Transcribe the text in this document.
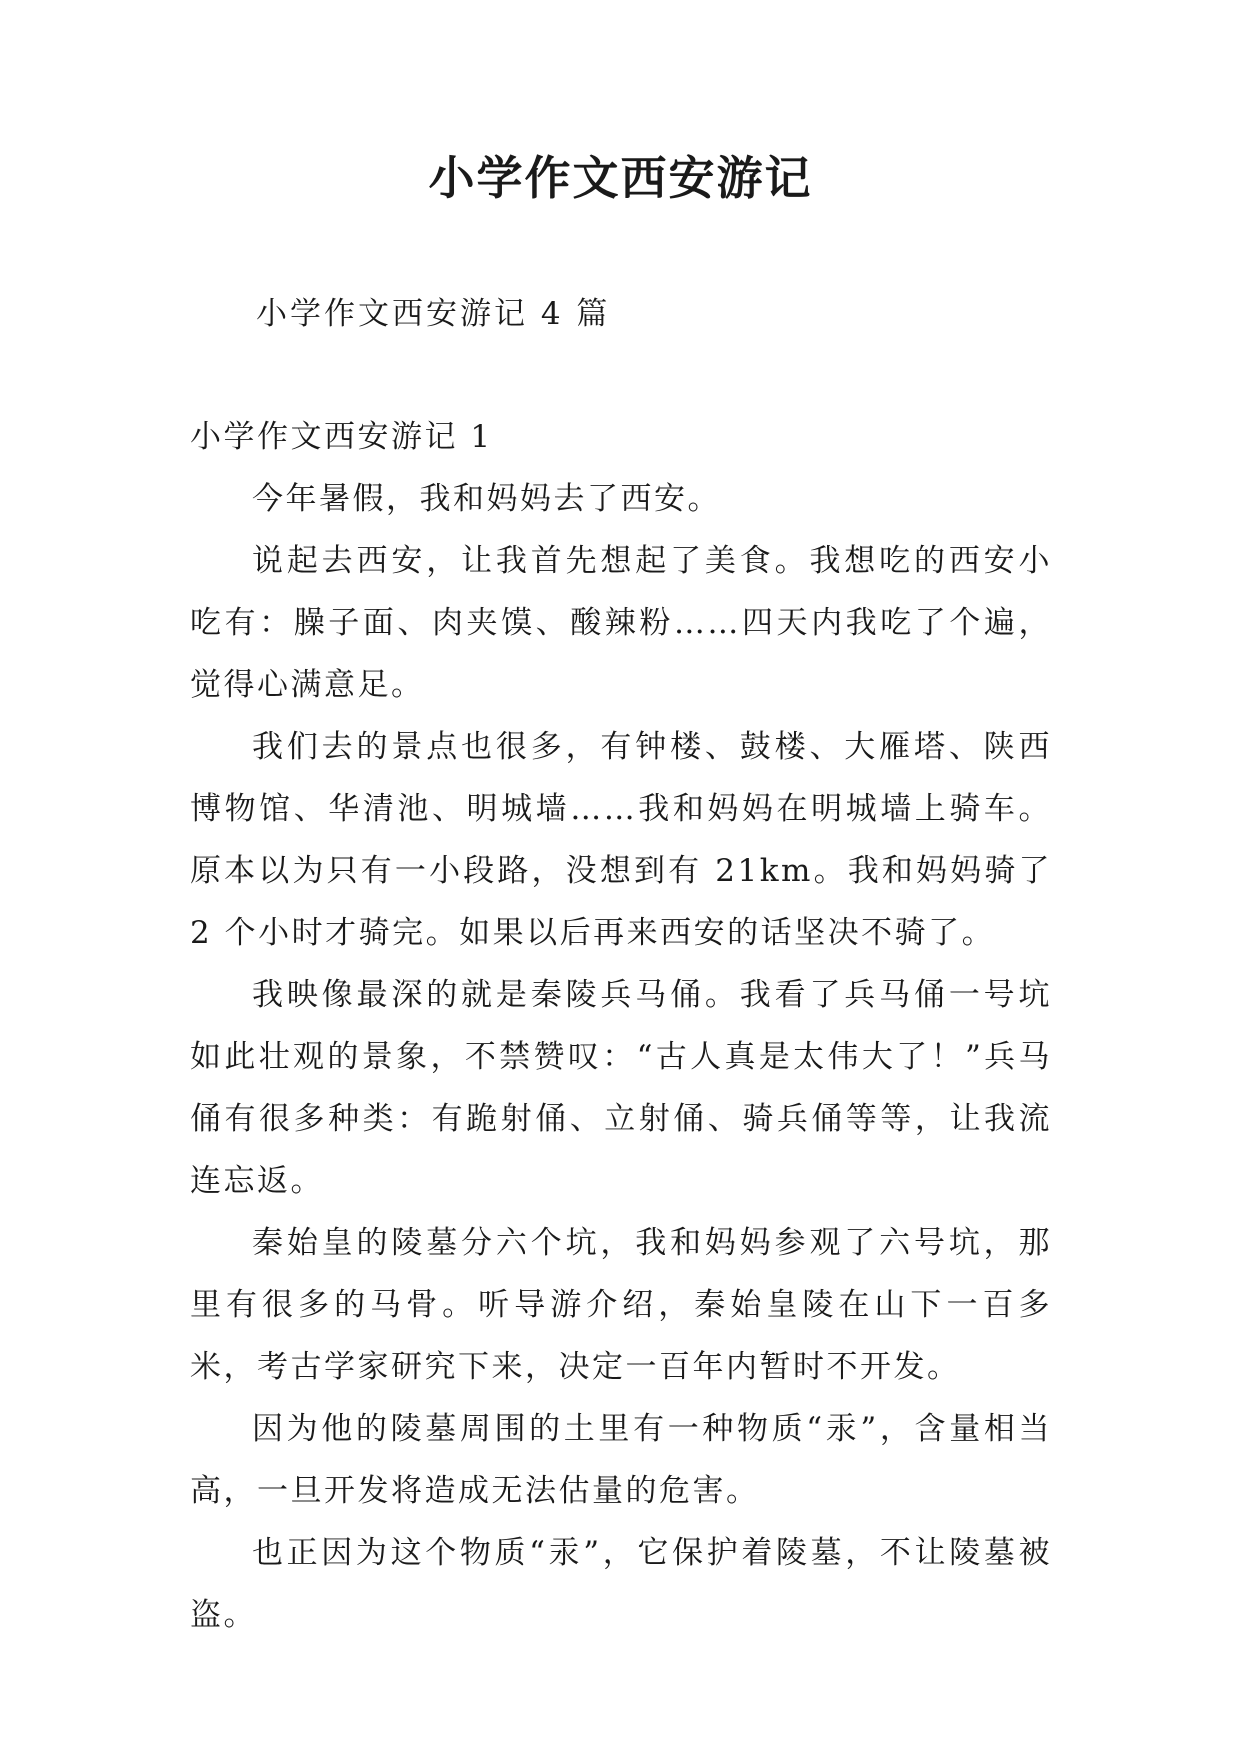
小学作文西安游记

小学作文西安游记 4 篇

小学作文西安游记 1

今年暑假，我和妈妈去了西安。

说起去西安，让我首先想起了美食。我想吃的西安小吃有：臊子面、肉夹馍、酸辣粉……四天内我吃了个遍，觉得心满意足。

我们去的景点也很多，有钟楼、鼓楼、大雁塔、陕西博物馆、华清池、明城墙……我和妈妈在明城墙上骑车。原本以为只有一小段路，没想到有 21km。我和妈妈骑了 2 个小时才骑完。如果以后再来西安的话坚决不骑了。

我映像最深的就是秦陵兵马俑。我看了兵马俑一号坑如此壮观的景象，不禁赞叹：“古人真是太伟大了！”兵马俑有很多种类：有跪射俑、立射俑、骑兵俑等等，让我流连忘返。

秦始皇的陵墓分六个坑，我和妈妈参观了六号坑，那里有很多的马骨。听导游介绍，秦始皇陵在山下一百多米，考古学家研究下来，决定一百年内暂时不开发。

因为他的陵墓周围的土里有一种物质“汞”，含量相当高，一旦开发将造成无法估量的危害。

也正因为这个物质“汞”，它保护着陵墓，不让陵墓被盗。
